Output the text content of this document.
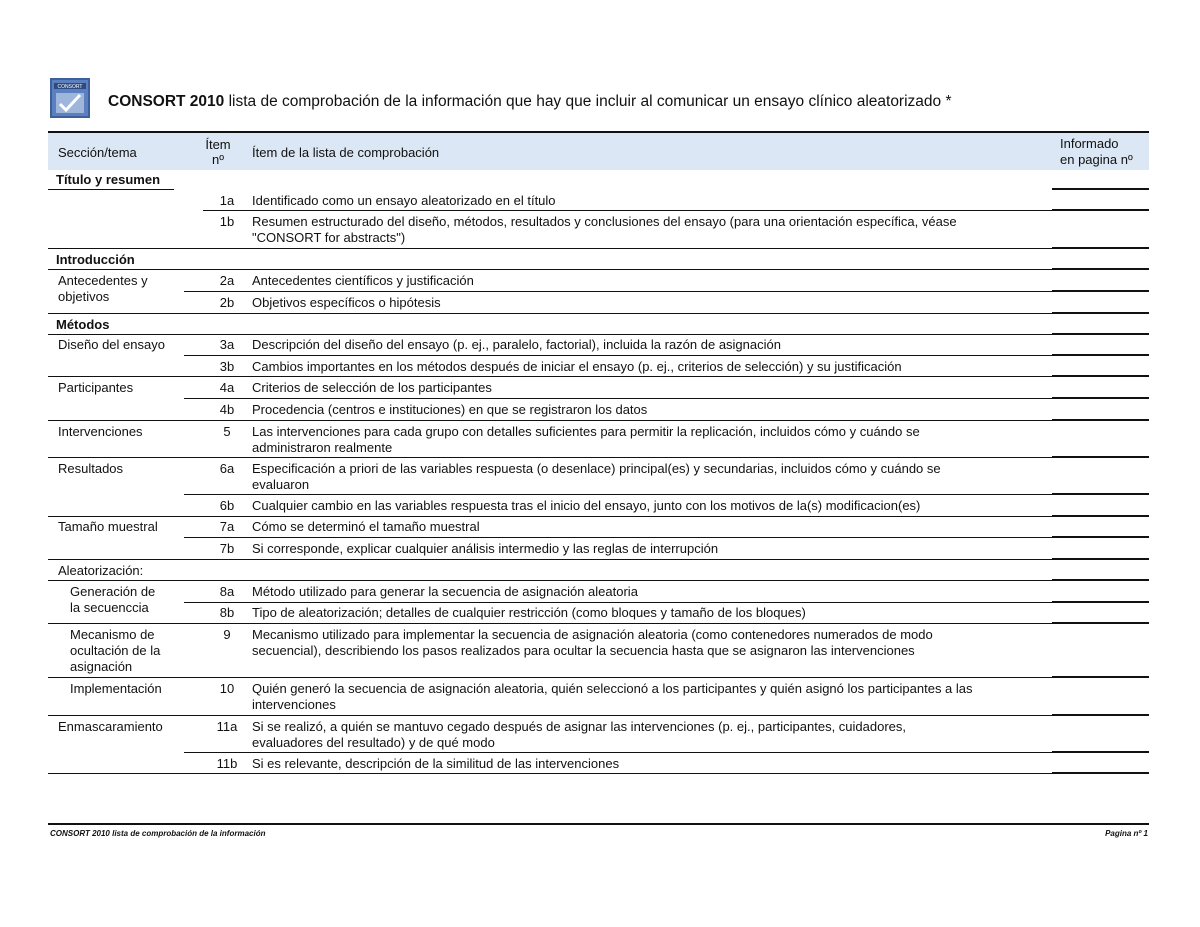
CONSORT
CONSORT 2010 lista de comprobación de la información que hay que incluir al comunicar un ensayo clínico aleatorizado *
Sección/tema
Ítem
nº	Ítem de la lista de comprobación
Informado
en pagina nº
Título y resumen
1a	Identificado como un ensayo aleatorizado en el título
1b	Resumen estructurado del diseño, métodos, resultados y conclusiones del ensayo (para una orientación específica, véase
"CONSORT for abstracts")
Introducción
Antecedentes y
objetivos
2a	Antecedentes científicos y justificación
2b	Objetivos específicos o hipótesis
Métodos
Diseño del ensayo	3a	Descripción del diseño del ensayo (p. ej., paralelo, factorial), incluida la razón de asignación
3b	Cambios importantes en los métodos después de iniciar el ensayo (p. ej., criterios de selección) y su justificación
Participantes	4a	Criterios de selección de los participantes
4b	Procedencia (centros e instituciones) en que se registraron los datos
Intervenciones	5	Las intervenciones para cada grupo con detalles suficientes para permitir la replicación, incluidos cómo y cuándo se
administraron realmente
Resultados	6a	Especificación a priori de las variables respuesta (o desenlace) principal(es) y secundarias, incluidos cómo y cuándo se
evaluaron
6b	Cualquier cambio en las variables respuesta tras el inicio del ensayo, junto con los motivos de la(s) modificacion(es)
Tamaño muestral	7a	Cómo se determinó el tamaño muestral
7b	Si corresponde, explicar cualquier análisis intermedio y las reglas de interrupción
Aleatorización:
Generación de
la secuenccia
8a	Método utilizado para generar la secuencia de asignación aleatoria
8b	Tipo de aleatorización; detalles de cualquier restricción (como bloques y tamaño de los bloques)
Mecanismo de
ocultación de la
asignación
9	Mecanismo utilizado para implementar la secuencia de asignación aleatoria (como contenedores numerados de modo
secuencial), describiendo los pasos realizados para ocultar la secuencia hasta que se asignaron las intervenciones
Implementación	10	Quién generó la secuencia de asignación aleatoria, quién seleccionó a los participantes y quién asignó los participantes a las
intervenciones
Enmascaramiento	11a	Si se realizó, a quién se mantuvo cegado después de asignar las intervenciones (p. ej., participantes, cuidadores,
evaluadores del resultado) y de qué modo
11b	Si es relevante, descripción de la similitud de las intervenciones
CONSORT 2010 lista de comprobación de la información	Pagina nº 1
